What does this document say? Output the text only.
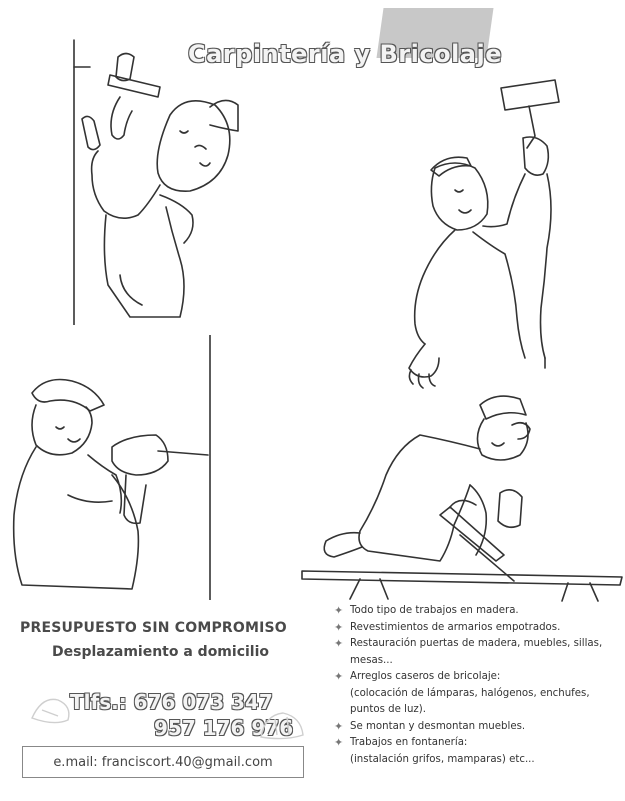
Carpintería y Bricolaje
PRESUPUESTO SIN COMPROMISO
Desplazamiento a domicilio
Tlfs.: 676 073 347
957 176 976
e.mail: franciscort.40@gmail.com
✦ Todo tipo de trabajos en madera.
✦ Revestimientos de armarios empotrados.
✦ Restauración puertas de madera, muebles, sillas,
mesas...
✦ Arreglos caseros de bricolaje:
(colocación de lámparas, halógenos, enchufes,
puntos de luz).
✦ Se montan y desmontan muebles.
✦ Trabajos en fontanería:
(instalación grifos, mamparas) etc...
